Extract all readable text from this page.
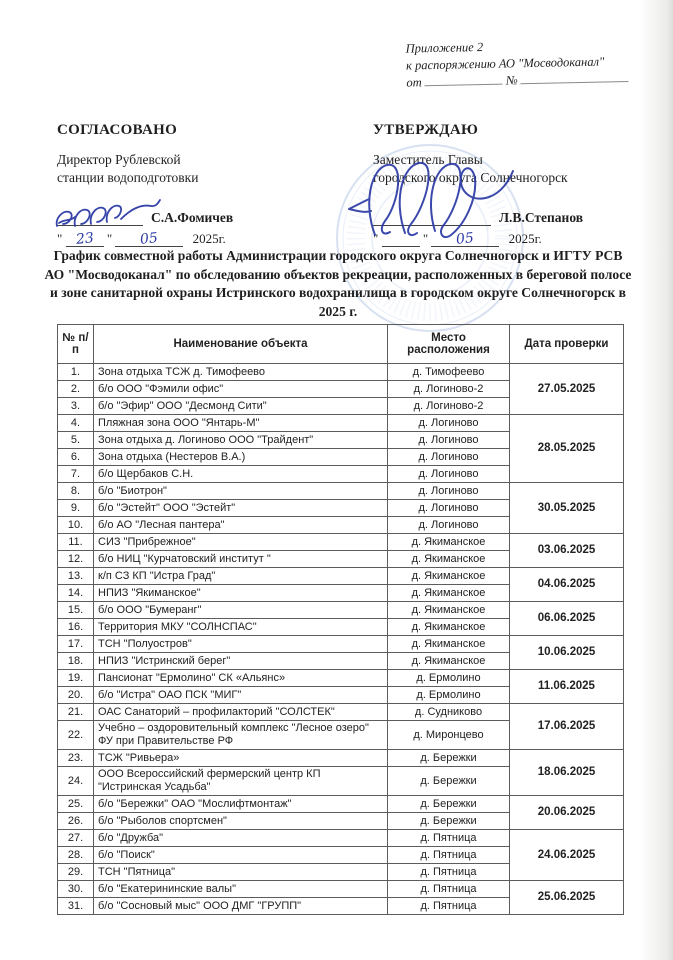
Приложение 2
к распоряжению АО "Мосводоканал"
от	№
СОГЛАСОВАНО
Директор Рублевской
станции водоподготовки
С.А.Фомичев
" 23 " 05	2025г.
УТВЕРЖДАЮ
Заместитель Главы
городского округа Солнечногорск
Л.В.Степанов
"	" 05	2025г.
График совместной работы Администрации городского округа Солнечногорск и ИГТУ РСВ АО "Мосводоканал" по обследованию объектов рекреации, расположенных в береговой полосе и зоне санитарной охраны Истринского водохранилища в городском округе Солнечногорск в 2025 г.
№ п/п	Наименование объекта	Место расположения	Дата проверки
1.	Зона отдыха ТСЖ д. Тимофеево	д. Тимофеево	27.05.2025
2.	б/о ООО "Фэмили офис"	д. Логиново-2	
3.	б/о "Эфир" ООО "Десмонд Сити"	д. Логиново-2	
4.	Пляжная зона ООО "Янтарь-М"	д. Логиново	28.05.2025
5.	Зона отдыха д. Логиново ООО "Трайдент"	д. Логиново	
6.	Зона отдыха (Нестеров В.А.)	д. Логиново	
7.	б/о Щербаков С.Н.	д. Логиново	
8.	б/о "Биотрон"	д. Логиново	30.05.2025
9.	б/о "Эстейт" ООО "Эстейт"	д. Логиново	
10.	б/о АО "Лесная пантера"	д. Логиново	
11.	СИЗ "Прибрежное"	д. Якиманское	03.06.2025
12.	б/о НИЦ "Курчатовский институт "	д. Якиманское	
13.	к/п СЗ КП "Истра Град"	д. Якиманское	04.06.2025
14.	НПИЗ "Якиманское"	д. Якиманское	
15.	б/о ООО "Бумеранг"	д. Якиманское	06.06.2025
16.	Территория МКУ "СОЛНСПАС"	д. Якиманское	
17.	ТСН "Полуостров"	д. Якиманское	10.06.2025
18.	НПИЗ "Истринский берег"	д. Якиманское	
19.	Пансионат "Ермолино" СК «Альянс»	д. Ермолино	11.06.2025
20.	б/о "Истра" ОАО ПСК "МИГ"	д. Ермолино	
21.	ОАС Санаторий – профилакторий "СОЛСТЕК"	д. Судниково	17.06.2025
22.	Учебно – оздоровительный комплекс "Лесное озеро" ФУ при Правительстве РФ	д. Миронцево	
23.	ТСЖ "Ривьера»	д. Бережки	18.06.2025
24.	ООО Всероссийский фермерский центр КП "Истринская Усадьба"	д. Бережки	
25.	б/о "Бережки" ОАО "Мослифтмонтаж"	д. Бережки	20.06.2025
26.	б/о "Рыболов спортсмен"	д. Бережки	
27.	б/о "Дружба"	д. Пятница	24.06.2025
28.	б/о "Поиск"	д. Пятница	
29.	ТСН "Пятница"	д. Пятница	
30.	б/о "Екатерининские валы"	д. Пятница	25.06.2025
31.	б/о "Сосновый мыс" ООО ДМГ "ГРУПП"	д. Пятница	
